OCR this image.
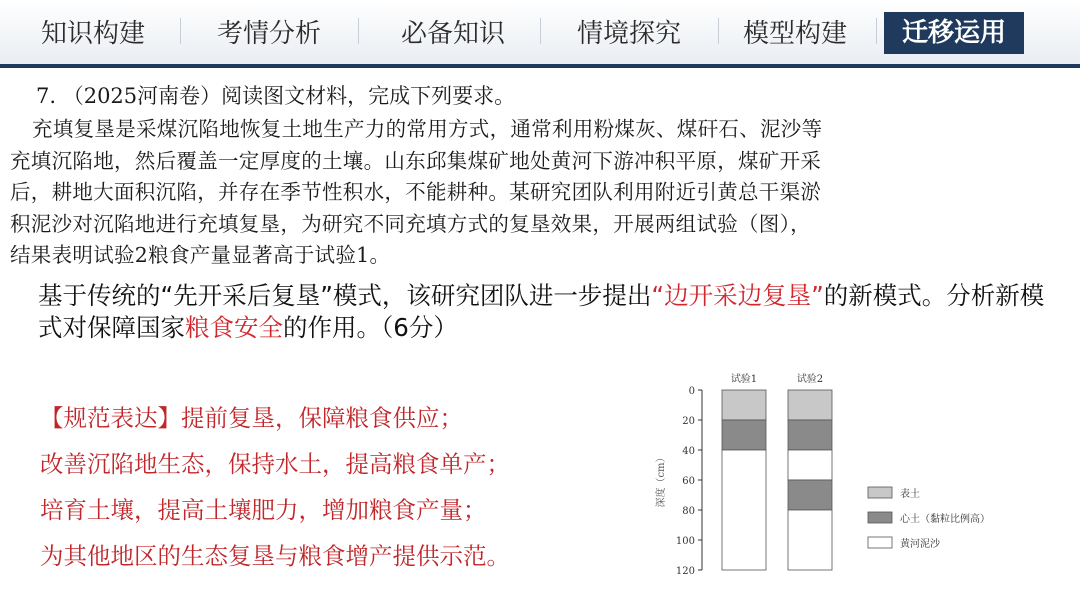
知识构建	考情分析	必备知识	情境探究	模型构建	迁移运用
7. （2025河南卷）阅读图文材料，完成下列要求。

充填复垦是采煤沉陷地恢复土地生产力的常用方式，通常利用粉煤灰、煤矸石、泥沙等

充填沉陷地，然后覆盖一定厚度的土壤。山东邱集煤矿地处黄河下游冲积平原，煤矿开采

后，耕地大面积沉陷，并存在季节性积水，不能耕种。某研究团队利用附近引黄总干渠淤

积泥沙对沉陷地进行充填复垦，为研究不同充填方式的复垦效果，开展两组试验（图），

结果表明试验2粮食产量显著高于试验1。

基于传统的“先开采后复垦”模式，该研究团队进一步提出“边开采边复垦”的新模式。分析新模式对保障国家粮食安全的作用。（6分）
【规范表达】提前复垦，保障粮食供应；
改善沉陷地生态，保持水土，提高粮食单产；
培育土壤，提高土壤肥力，增加粮食产量；
为其他地区的生态复垦与粮食增产提供示范。
0
20
40
60
80
100
120
深度（cm）
试验1	试验2
表土
心土（黏粒比例高）
黄河泥沙
